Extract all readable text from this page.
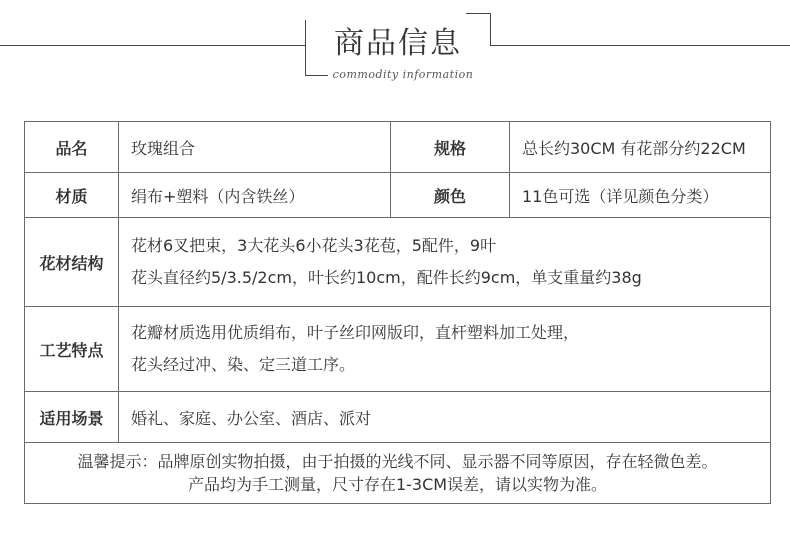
商品信息
commodity information
品名	玫瑰组合	规格	总长约30CM 有花部分约22CM
材质	绢布+塑料（内含铁丝）	颜色	11色可选（详见颜色分类）
花材结构	花材6叉把束，3大花头6小花头3花苞，5配件，9叶
花头直径约5/3.5/2cm，叶长约10cm，配件长约9cm，单支重量约38g		

工艺特点	花瓣材质选用优质绢布，叶子丝印网版印，直杆塑料加工处理，
花头经过冲、染、定三道工序。		

适用场景	婚礼、家庭、办公室、酒店、派对		

温馨提示：品牌原创实物拍摄，由于拍摄的光线不同、显示器不同等原因，存在轻微色差。
产品均为手工测量，尺寸存在1-3CM误差，请以实物为准。			
